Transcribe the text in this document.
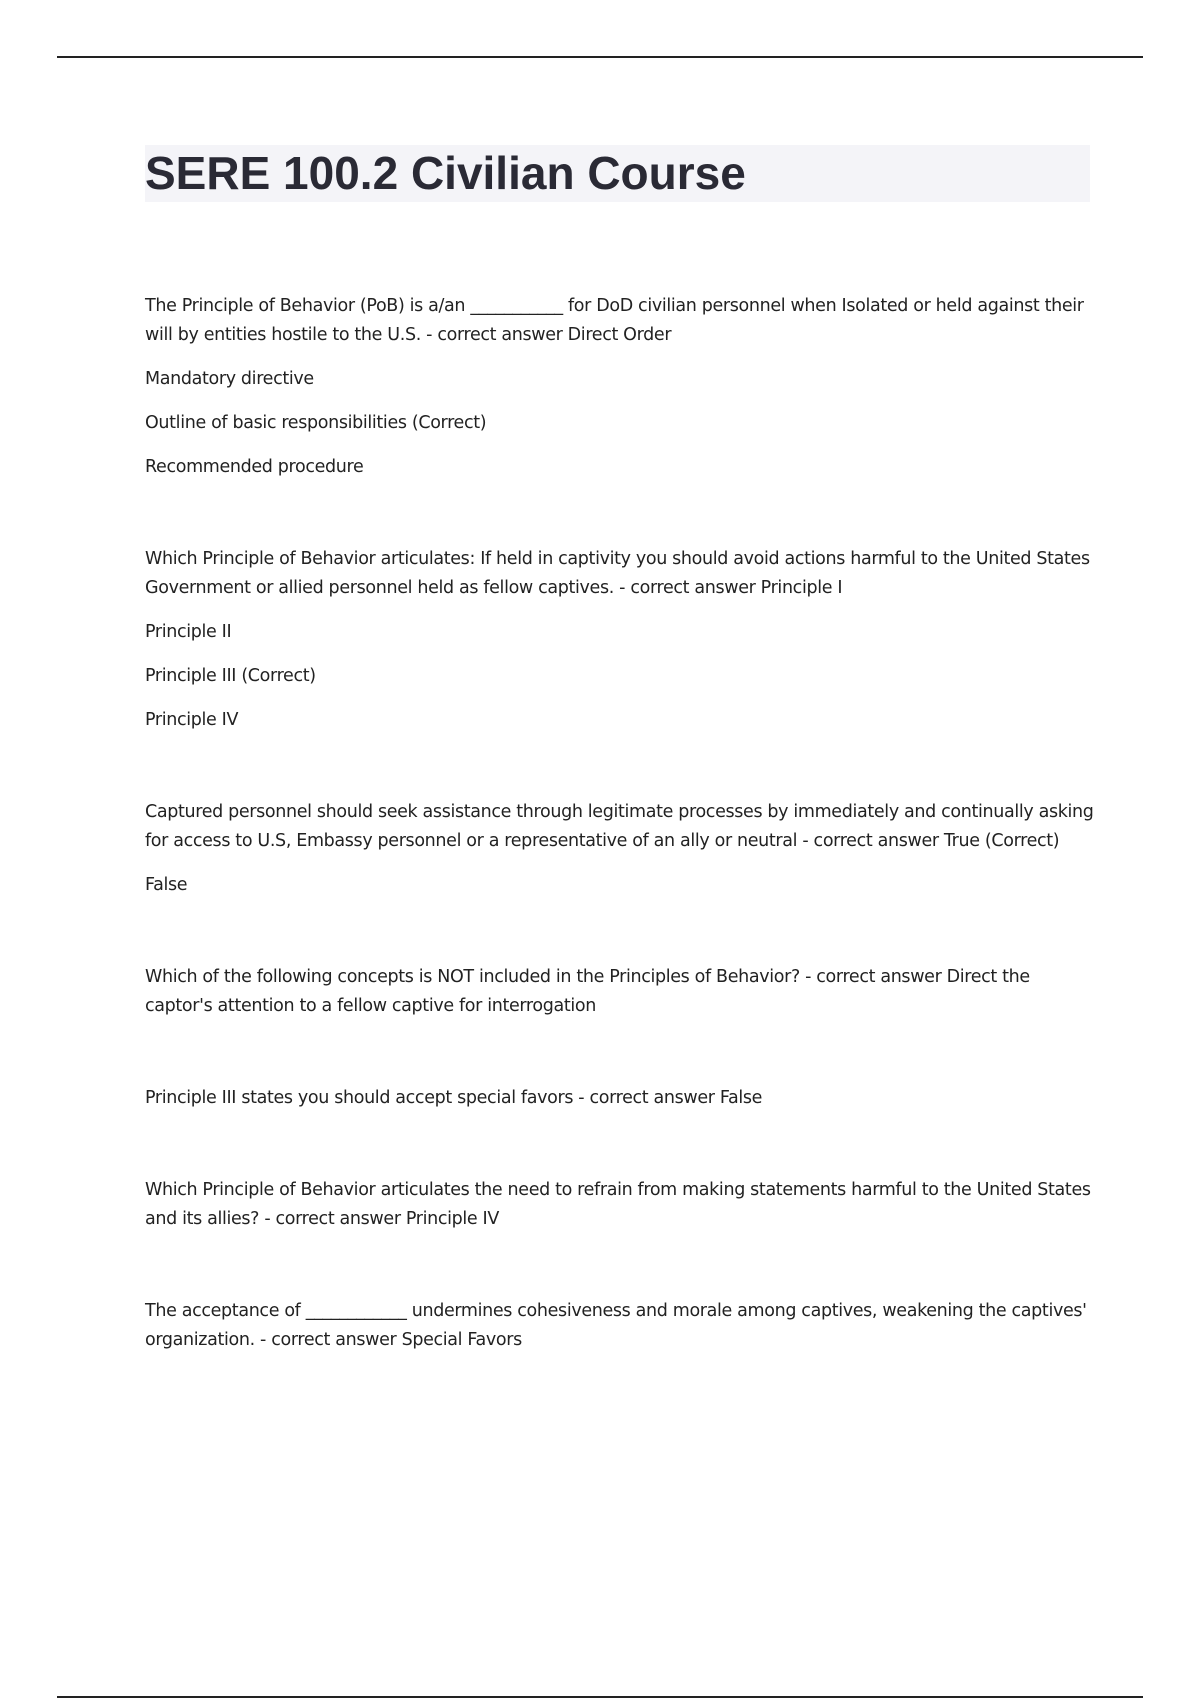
SERE 100.2 Civilian Course

The Principle of Behavior (PoB) is a/an ___________ for DoD civilian personnel when Isolated or held against their will by entities hostile to the U.S. - correct answer Direct Order

Mandatory directive

Outline of basic responsibilities (Correct)

Recommended procedure

Which Principle of Behavior articulates: If held in captivity you should avoid actions harmful to the United States Government or allied personnel held as fellow captives. - correct answer Principle I

Principle II

Principle III (Correct)

Principle IV

Captured personnel should seek assistance through legitimate processes by immediately and continually asking for access to U.S, Embassy personnel or a representative of an ally or neutral - correct answer True (Correct)

False

Which of the following concepts is NOT included in the Principles of Behavior? - correct answer Direct the captor's attention to a fellow captive for interrogation

Principle III states you should accept special favors - correct answer False

Which Principle of Behavior articulates the need to refrain from making statements harmful to the United States and its allies? - correct answer Principle IV

The acceptance of ____________ undermines cohesiveness and morale among captives, weakening the captives' organization. - correct answer Special Favors
